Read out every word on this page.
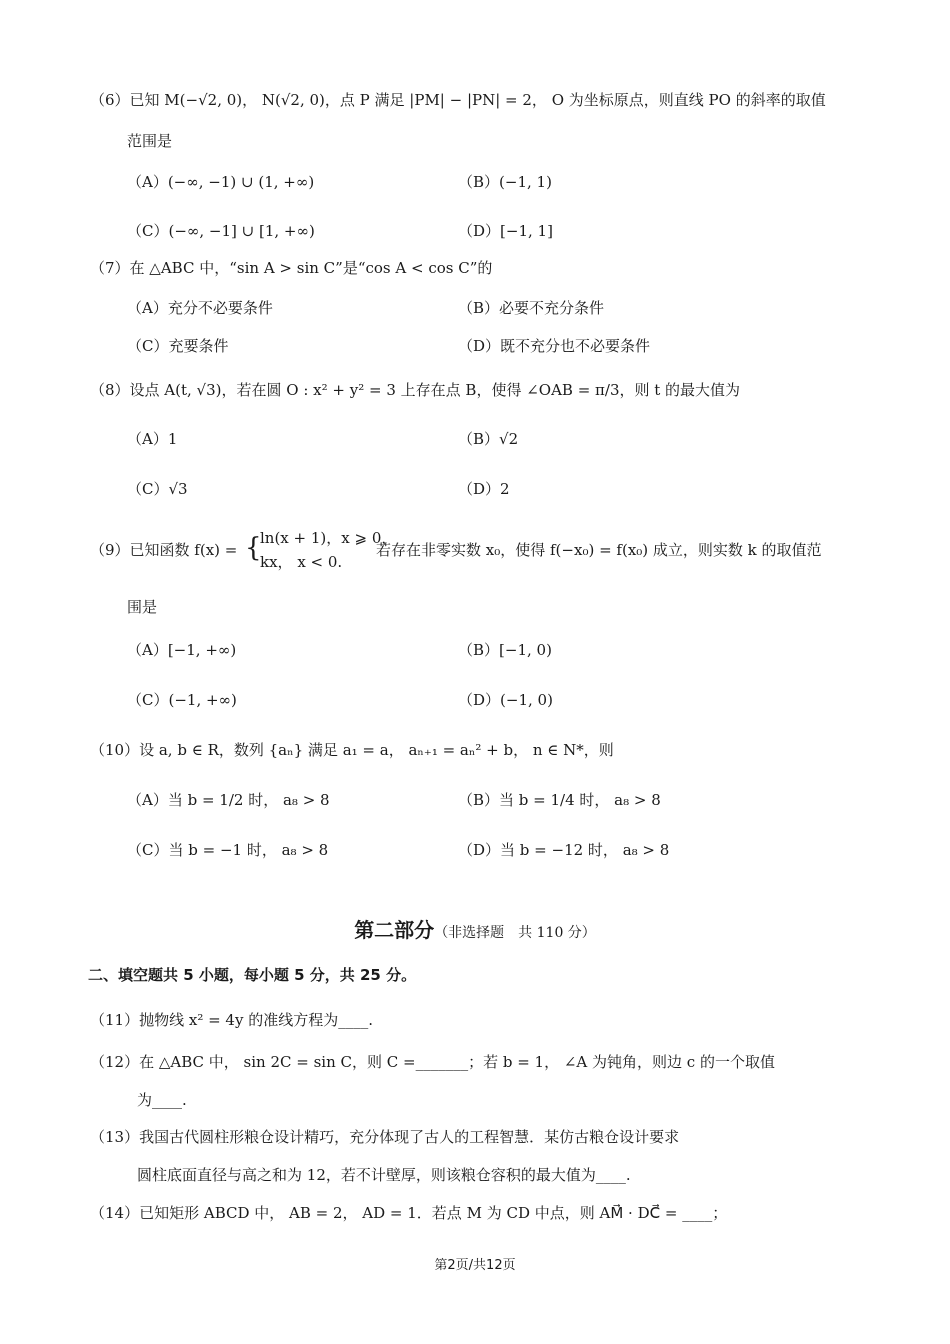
（6）已知 M(−√2, 0)， N(√2, 0)，点 P 满足 |PM| − |PN| = 2， O 为坐标原点，则直线 PO 的斜率的取值
范围是
（A）(−∞, −1) ∪ (1, +∞)	（B）(−1, 1)
（C）(−∞, −1] ∪ [1, +∞)	（D）[−1, 1]
（7）在 △ABC 中，“sin A > sin C”是“cos A < cos C”的
（A）充分不必要条件	（B）必要不充分条件
（C）充要条件	（D）既不充分也不必要条件
（8）设点 A(t, √3)，若在圆 O : x² + y² = 3 上存在点 B，使得 ∠OAB = π/3，则 t 的最大值为
（A）1	（B）√2
（C）√3	（D）2
（9）已知函数 f(x) = {
ln(x + 1)，x ⩾ 0，
kx， x < 0.
若存在非零实数 x₀，使得 f(−x₀) = f(x₀) 成立，则实数 k 的取值范
围是
（A）[−1, +∞)	（B）[−1, 0)
（C）(−1, +∞)	（D）(−1, 0)
（10）设 a, b ∈ R，数列 {aₙ} 满足 a₁ = a， aₙ₊₁ = aₙ² + b， n ∈ N*，则
（A）当 b = 1/2 时， a₈ > 8	（B）当 b = 1/4 时， a₈ > 8
（C）当 b = −1 时， a₈ > 8	（D）当 b = −12 时， a₈ > 8
第二部分（非选择题　共 110 分）
二、填空题共 5 小题，每小题 5 分，共 25 分。
（11）抛物线 x² = 4y 的准线方程为____.
（12）在 △ABC 中， sin 2C = sin C，则 C =_______；若 b = 1， ∠A 为钝角，则边 c 的一个取值
为____.
（13）我国古代圆柱形粮仓设计精巧，充分体现了古人的工程智慧．某仿古粮仓设计要求
圆柱底面直径与高之和为 12，若不计壁厚，则该粮仓容积的最大值为____.
（14）已知矩形 ABCD 中， AB = 2， AD = 1．若点 M 为 CD 中点，则 AM⃗ · DC⃗ = ____；
第2页/共12页
